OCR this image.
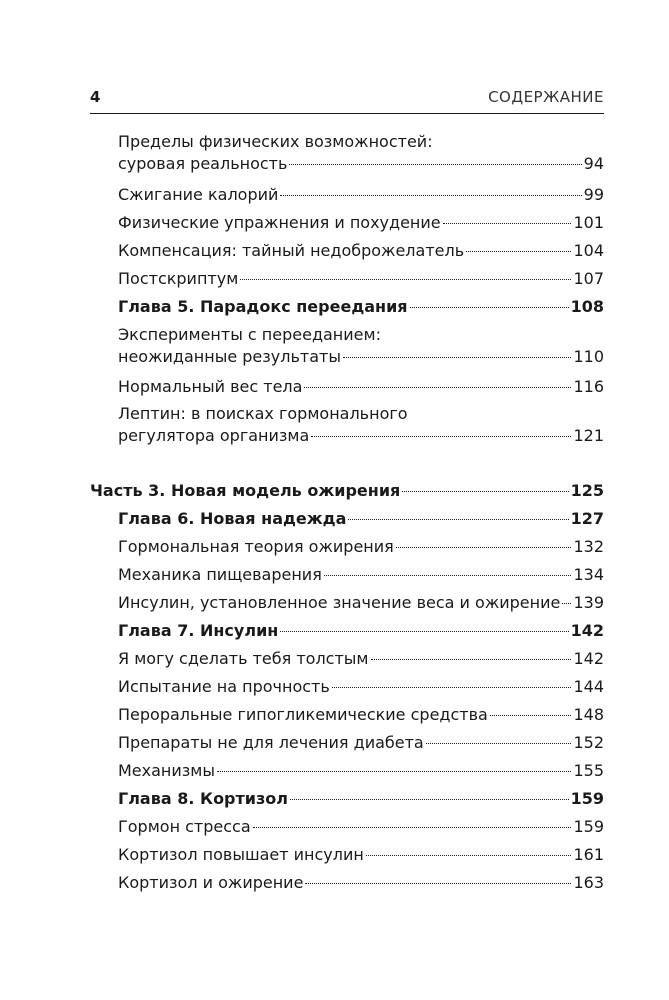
4	СОДЕРЖАНИЕ
Пределы физических возможностей:
суровая реальность	94
Сжигание калорий	99
Физические упражнения и похудение	101
Компенсация: тайный недоброжелатель	104
Постскриптум	107
Глава 5. Парадокс переедания	108
Эксперименты с перееданием:
неожиданные результаты	110
Нормальный вес тела	116
Лептин: в поисках гормонального
регулятора организма	121
Часть 3. Новая модель ожирения	125
Глава 6. Новая надежда	127
Гормональная теория ожирения	132
Механика пищеварения	134
Инсулин, установленное значение веса и ожирение 139
Глава 7. Инсулин	142
Я могу сделать тебя толстым	142
Испытание на прочность	144
Пероральные гипогликемические средства	148
Препараты не для лечения диабета	152
Механизмы	155
Глава 8. Кортизол	159
Гормон стресса	159
Кортизол повышает инсулин	161
Кортизол и ожирение	163
